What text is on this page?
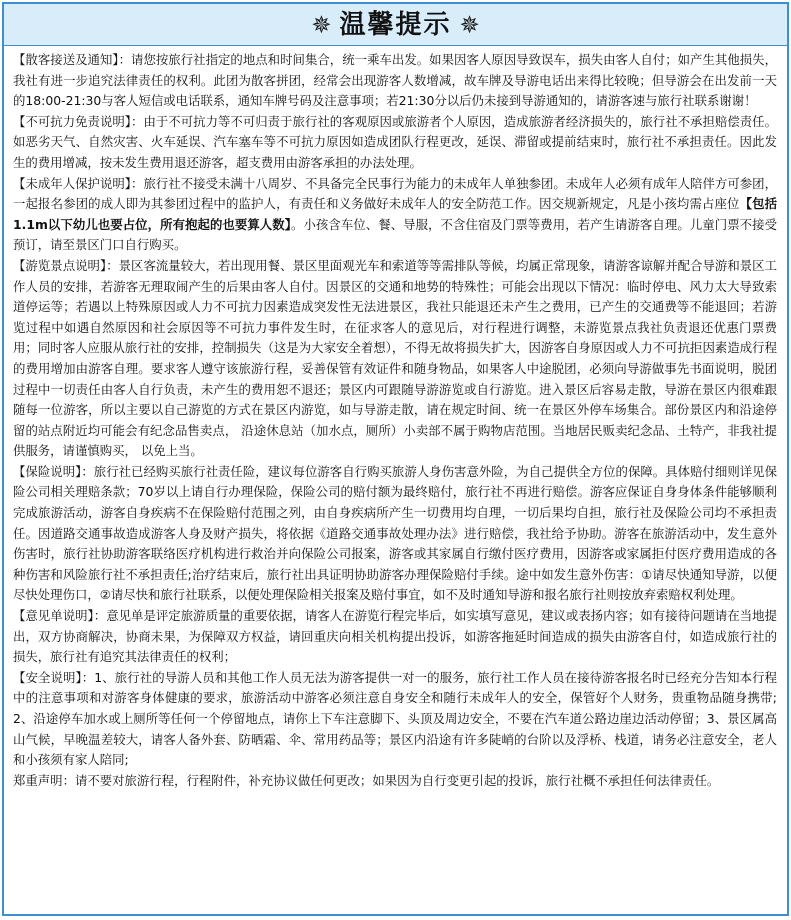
✵ 温馨提示 ✵

【散客接送及通知】：请您按旅行社指定的地点和时间集合，统一乘车出发。如果因客人原因导致误车，损失由客人自付；如产生其他损失，我社有进一步追究法律责任的权利。此团为散客拼团，经常会出现游客人数增减，故车牌及导游电话出来得比较晚；但导游会在出发前一天的18:00-21:30与客人短信或电话联系，通知车牌号码及注意事项；若21:30分以后仍未接到导游通知的，请游客速与旅行社联系谢谢！

【不可抗力免责说明】：由于不可抗力等不可归责于旅行社的客观原因或旅游者个人原因，造成旅游者经济损失的，旅行社不承担赔偿责任。如恶劣天气、自然灾害、火车延误、汽车塞车等不可抗力原因如造成团队行程更改，延误、滞留或提前结束时，旅行社不承担责任。因此发生的费用增减，按未发生费用退还游客，超支费用由游客承担的办法处理。

【未成年人保护说明】：旅行社不接受未满十八周岁、不具备完全民事行为能力的未成年人单独参团。未成年人必须有成年人陪伴方可参团，一起报名参团的成人即为其参团过程中的监护人，有责任和义务做好未成年人的安全防范工作。因交规新规定，凡是小孩均需占座位【包括1.1m以下幼儿也要占位，所有抱起的也要算人数】。小孩含车位、餐、导服，不含住宿及门票等费用，若产生请游客自理。儿童门票不接受预订，请至景区门口自行购买。

【游览景点说明】：景区客流量较大，若出现用餐、景区里面观光车和索道等等需排队等候，均属正常现象，请游客谅解并配合导游和景区工作人员的安排，若游客无理取闹产生的后果由客人自付。因景区的交通和地势的特殊性；可能会出现以下情况：临时停电、风力太大导致索道停运等；若遇以上特殊原因或人力不可抗力因素造成突发性无法进景区，我社只能退还未产生之费用，已产生的交通费等不能退回；若游览过程中如遇自然原因和社会原因等不可抗力事件发生时，在征求客人的意见后，对行程进行调整，未游览景点我社负责退还优惠门票费用；同时客人应服从旅行社的安排，控制损失（这是为大家安全着想），不得无故将损失扩大，因游客自身原因或人力不可抗拒因素造成行程的费用增加由游客自理。要求客人遵守该旅游行程，妥善保管有效证件和随身物品，如果客人中途脱团，必须向导游做事先书面说明，脱团过程中一切责任由客人自行负责，未产生的费用恕不退还；景区内可跟随导游游览或自行游览。进入景区后容易走散，导游在景区内很难跟随每一位游客，所以主要以自己游览的方式在景区内游览，如与导游走散，请在规定时间、统一在景区外停车场集合。部份景区内和沿途停留的站点附近均可能会有纪念品售卖点， 沿途休息站（加水点，厕所）小卖部不属于购物店范围。当地居民贩卖纪念品、土特产，非我社提供服务，请谨慎购买， 以免上当。

【保险说明】：旅行社已经购买旅行社责任险，建议每位游客自行购买旅游人身伤害意外险，为自己提供全方位的保障。具体赔付细则详见保险公司相关理赔条款；70岁以上请自行办理保险，保险公司的赔付额为最终赔付，旅行社不再进行赔偿。游客应保证自身身体条件能够顺利完成旅游活动，游客自身疾病不在保险赔付范围之列，由自身疾病所产生一切费用均自理，一切后果均自担，旅行社及保险公司均不承担责任。因道路交通事故造成游客人身及财产损失，将依据《道路交通事故处理办法》进行赔偿，我社给予协助。游客在旅游活动中，发生意外伤害时，旅行社协助游客联络医疗机构进行救治并向保险公司报案，游客或其家属自行缴付医疗费用，因游客或家属拒付医疗费用造成的各种伤害和风险旅行社不承担责任;治疗结束后，旅行社出具证明协助游客办理保险赔付手续。途中如发生意外伤害：①请尽快通知导游，以便尽快处理伤口，②请尽快和旅行社联系，以便处理保险相关报案及赔付事宜，如不及时通知导游和报名旅行社则按放弃索赔权利处理。

【意见单说明】：意见单是评定旅游质量的重要依据，请客人在游览行程完毕后，如实填写意见，建议或表扬内容；如有接待问题请在当地提出，双方协商解决，协商未果，为保障双方权益，请回重庆向相关机构提出投诉，如游客拖延时间造成的损失由游客自付，如造成旅行社的损失，旅行社有追究其法律责任的权利；

【安全说明】：1、旅行社的导游人员和其他工作人员无法为游客提供一对一的服务，旅行社工作人员在接待游客报名时已经充分告知本行程中的注意事项和对游客身体健康的要求，旅游活动中游客必须注意自身安全和随行未成年人的安全，保管好个人财务，贵重物品随身携带;2、沿途停车加水或上厕所等任何一个停留地点，请你上下车注意脚下、头顶及周边安全，不要在汽车道公路边崖边活动停留；3、景区属高山气候，早晚温差较大，请客人备外套、防晒霜、伞、常用药品等；景区内沿途有许多陡峭的台阶以及浮桥、栈道，请务必注意安全，老人和小孩须有家人陪同;

郑重声明：请不要对旅游行程，行程附件，补充协议做任何更改；如果因为自行变更引起的投诉，旅行社概不承担任何法律责任。
